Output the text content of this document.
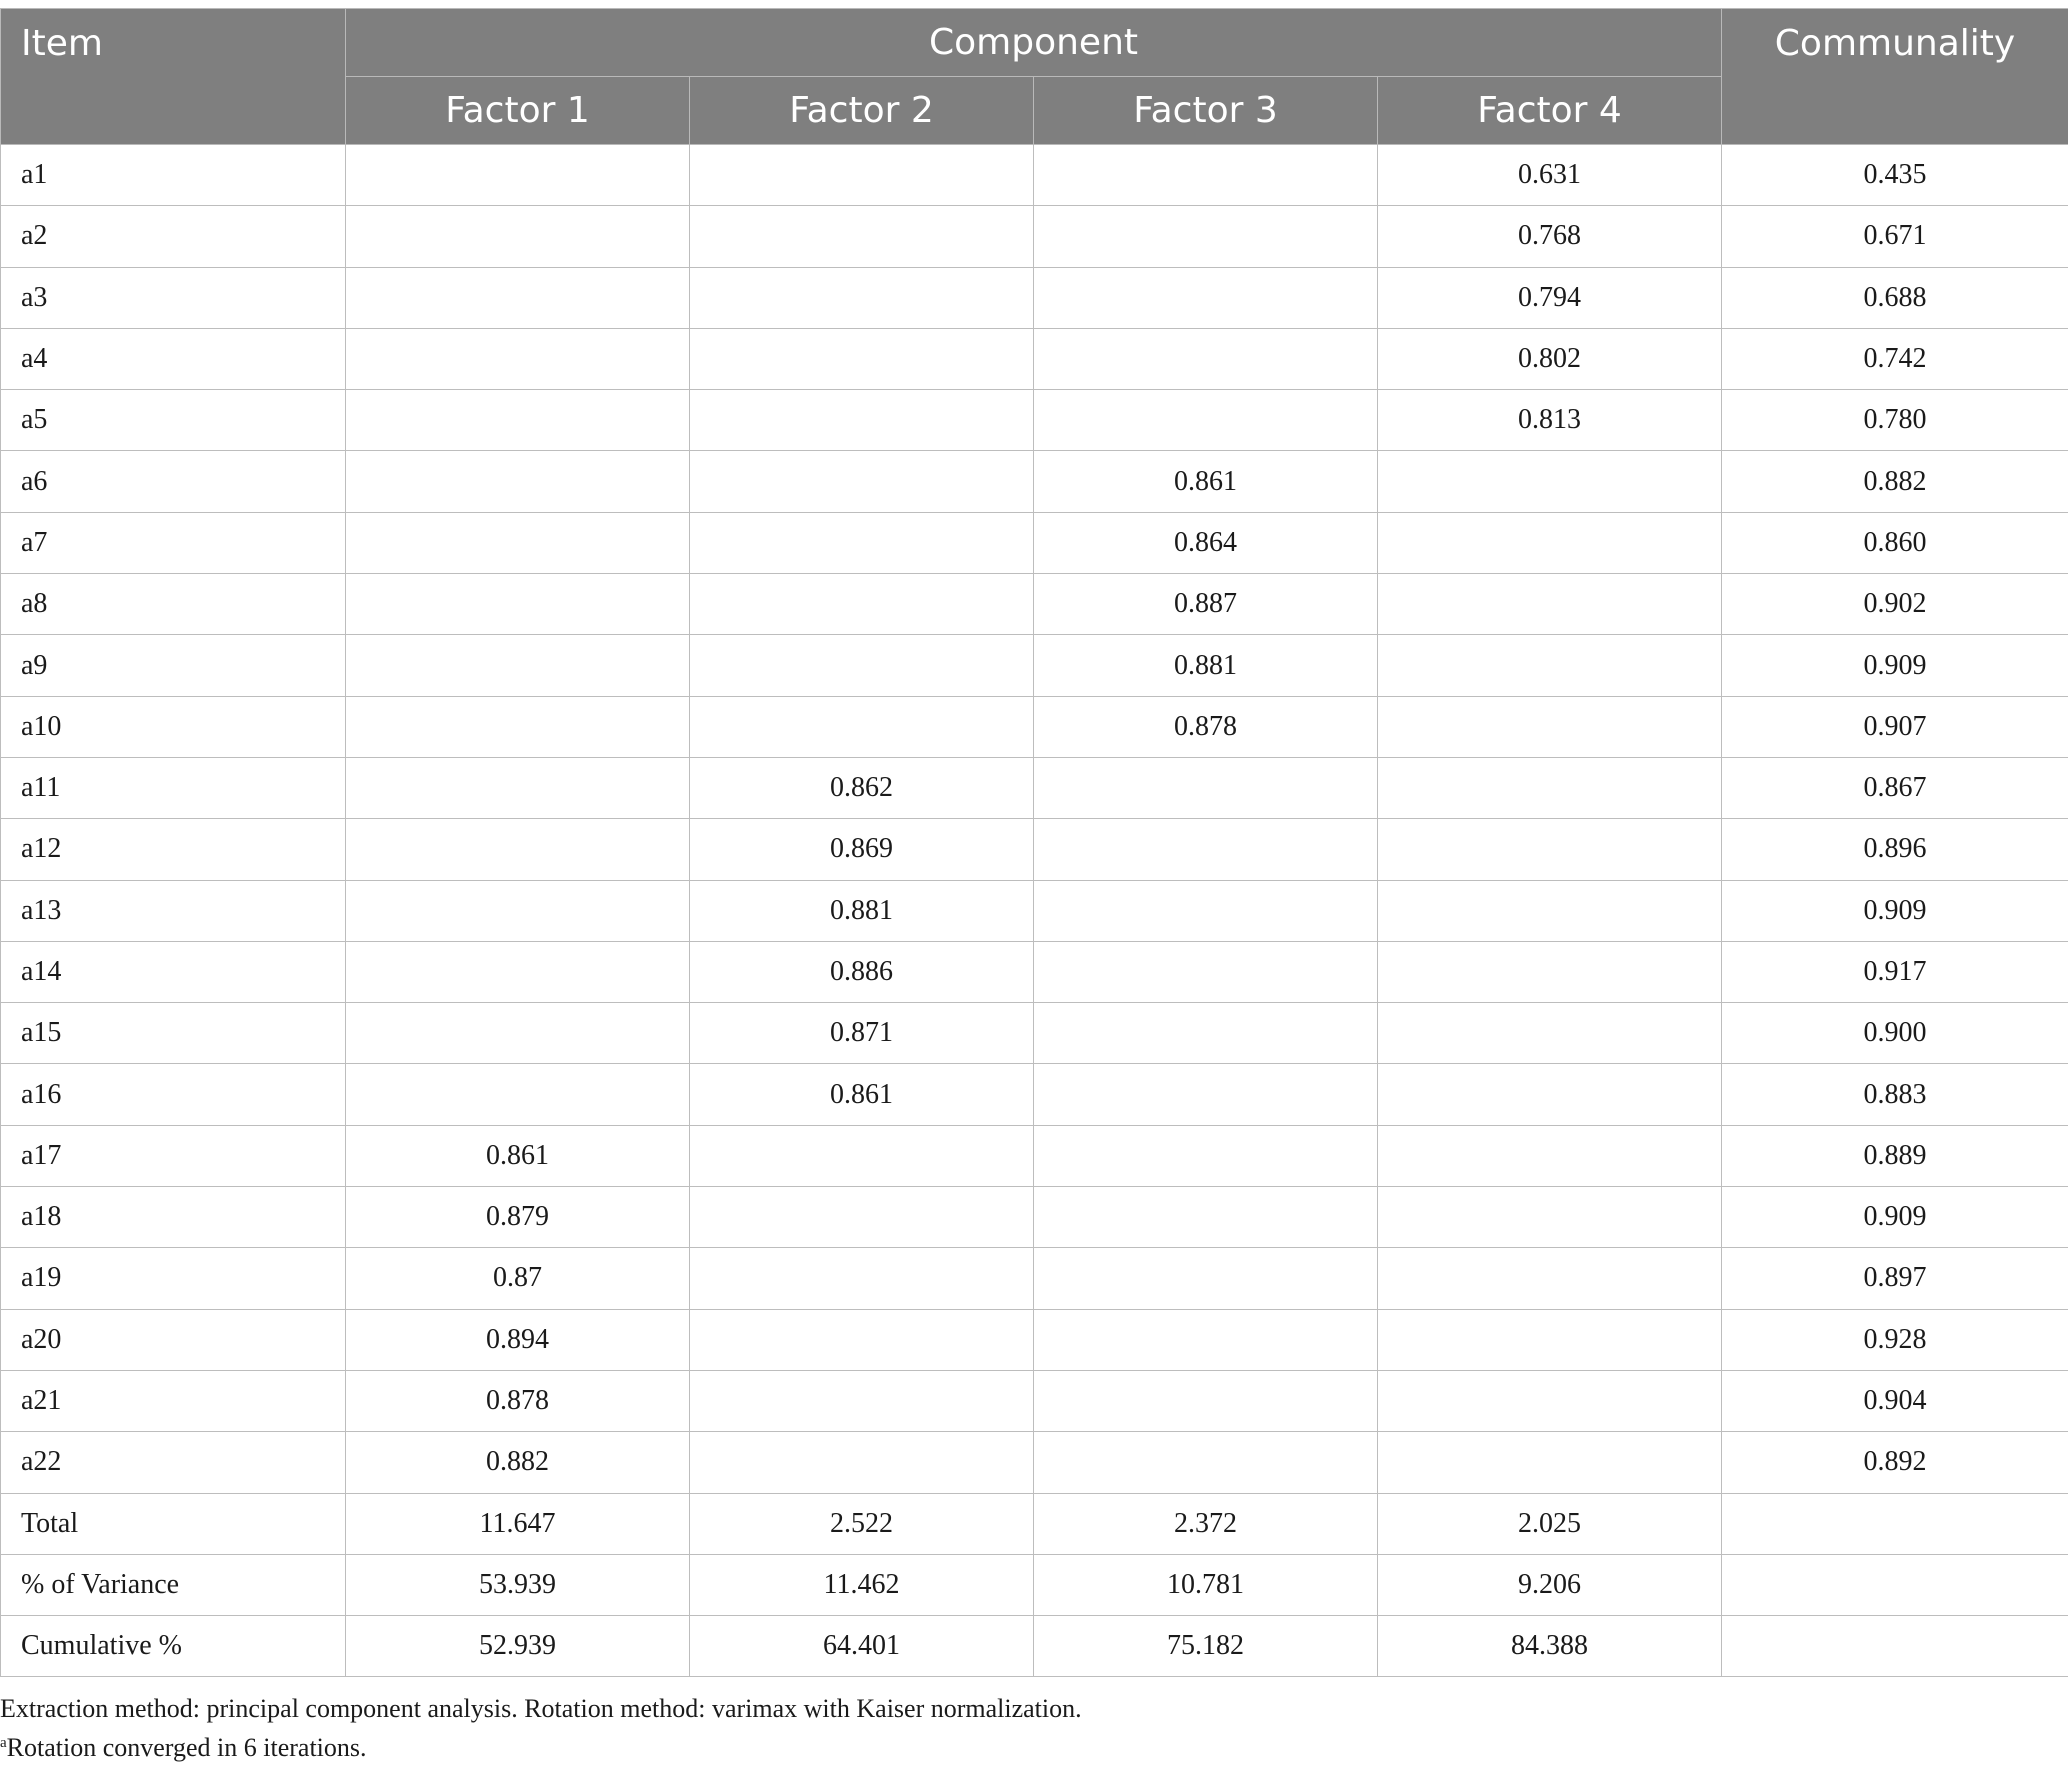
Item	Component				Communality
	Factor 1	Factor 2	Factor 3	Factor 4	
a1				0.631	0.435
a2				0.768	0.671
a3				0.794	0.688
a4				0.802	0.742
a5				0.813	0.780
a6			0.861		0.882
a7			0.864		0.860
a8			0.887		0.902
a9			0.881		0.909
a10			0.878		0.907
a11		0.862			0.867
a12		0.869			0.896
a13		0.881			0.909
a14		0.886			0.917
a15		0.871			0.900
a16		0.861			0.883
a17	0.861				0.889
a18	0.879				0.909
a19	0.87				0.897
a20	0.894				0.928
a21	0.878				0.904
a22	0.882				0.892
Total	11.647	2.522	2.372	2.025	
% of Variance	53.939	11.462	10.781	9.206	
Cumulative %	52.939	64.401	75.182	84.388	

Extraction method: principal component analysis. Rotation method: varimax with Kaiser normalization.

$^a$Rotation converged in 6 iterations.
